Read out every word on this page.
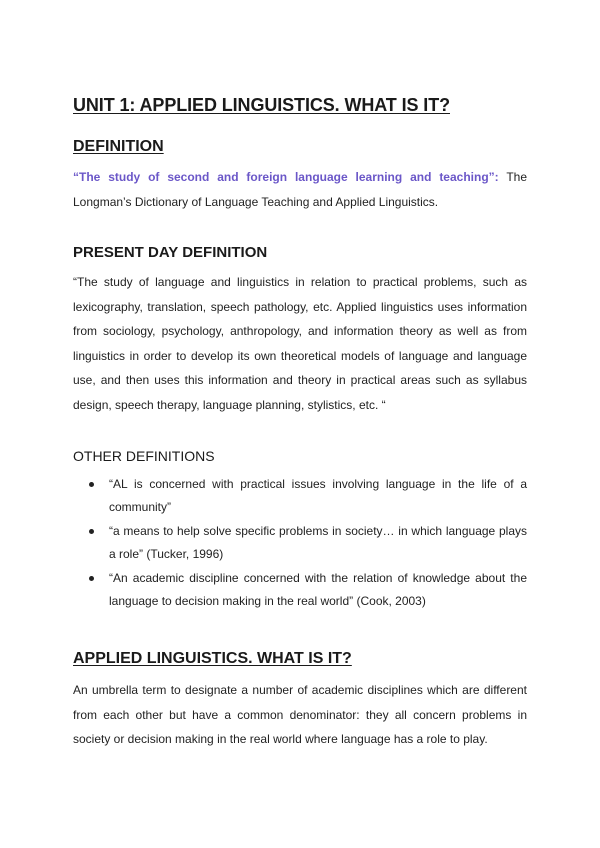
UNIT 1: APPLIED LINGUISTICS. WHAT IS IT?
DEFINITION

“The study of second and foreign language learning and teaching”: The Longman’s Dictionary of Language Teaching and Applied Linguistics.

PRESENT DAY DEFINITION

“The study of language and linguistics in relation to practical problems, such as lexicography, translation, speech pathology, etc. Applied linguistics uses information from sociology, psychology, anthropology, and information theory as well as from linguistics in order to develop its own theoretical models of language and language use, and then uses this information and theory in practical areas such as syllabus design, speech therapy, language planning, stylistics, etc. “

OTHER DEFINITIONS
“AL is concerned with practical issues involving language in the life of a community”
“a means to help solve specific problems in society… in which language plays a role” (Tucker, 1996)
“An academic discipline concerned with the relation of knowledge about the language to decision making in the real world” (Cook, 2003)
APPLIED LINGUISTICS. WHAT IS IT?

An umbrella term to designate a number of academic disciplines which are different from each other but have a common denominator: they all concern problems in society or decision making in the real world where language has a role to play.
